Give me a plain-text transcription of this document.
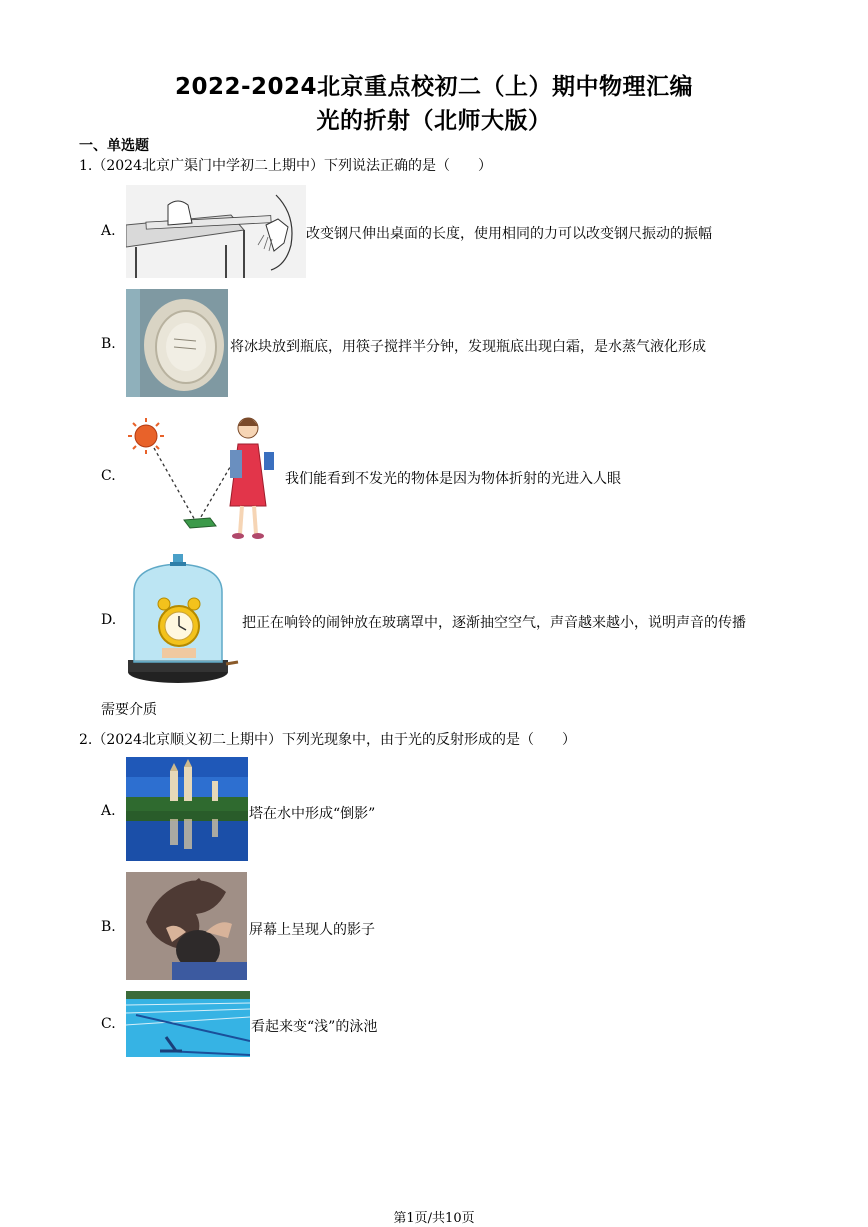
2022-2024北京重点校初二（上）期中物理汇编
光的折射（北师大版）
一、单选题
1.（2024北京广渠门中学初二上期中）下列说法正确的是（　　）
A.	改变钢尺伸出桌面的长度，使用相同的力可以改变钢尺振动的振幅
B.	将冰块放到瓶底，用筷子搅拌半分钟，发现瓶底出现白霜，是水蒸气液化形成
C.	我们能看到不发光的物体是因为物体折射的光进入人眼
D.	把正在响铃的闹钟放在玻璃罩中，逐渐抽空空气，声音越来越小，说明声音的传播
需要介质
2.（2024北京顺义初二上期中）下列光现象中，由于光的反射形成的是（　　）
A.	塔在水中形成“倒影”
B.	屏幕上呈现人的影子
C.	看起来变“浅”的泳池
第1页/共10页
